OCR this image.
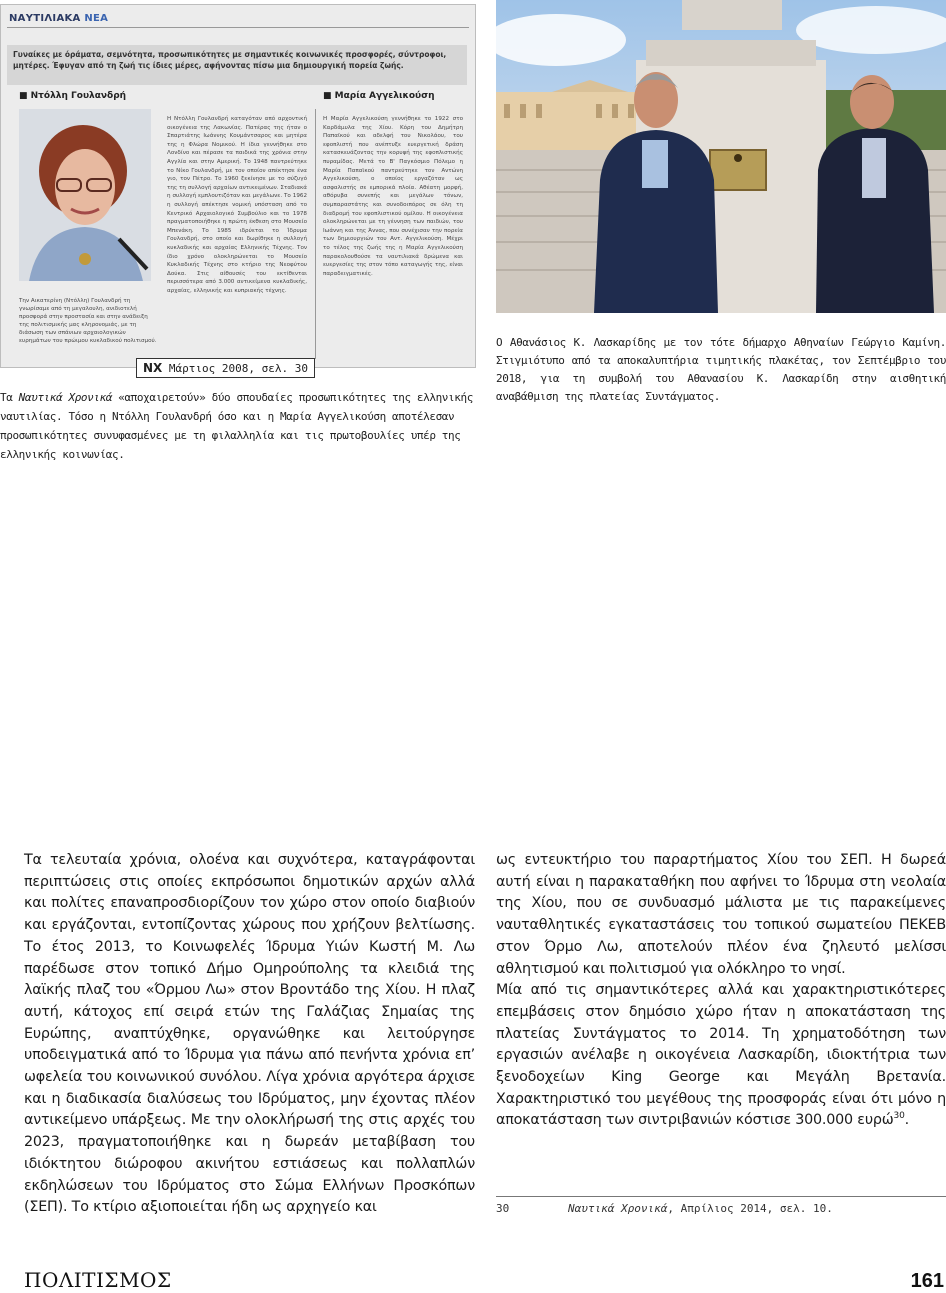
ΝΑΥΤΙΛΙΑΚΑ ΝΕΑ
Γυναίκες με όράματα, σεμνότητα, προσωπικότητες με σημαντικές κοινωνικές προσφορές, σύντροφοι, μητέρες. Έφυγαν από τη ζωή τις ίδιες μέρες, αφήνοντας πίσω μια δημιουργική πορεία ζωής.
■ Ντόλλη Γουλανδρή	■ Μαρία Αγγελικούση
Την Αικατερίνη (Ντόλλη) Γουλανδρή τη γνωρίσαμε από τη μεγαλουλη, ανιδιοτελή προσφορά στην προστασία και στην ανάδειξη της πολιτισμικής μας κληρονομιάς, με τη διάσωση των σπάνιων αρχαιολογικών ευρημάτων του πρώιμου κυκλαδικού πολιτισμού.
Η Ντόλλη Γουλανδρή καταγόταν από αρχοντική οικογένεια της Λακωνίας. Πατέρας της ήταν ο Σπαρτιάτης Ιωάννης Κουμάντσαρος και μητέρα της η Φλώρα Νομικού. Η ίδια γεννήθηκε στο Λονδίνο και πέρασε τα παιδικά της χρόνια στην Αγγλία και στην Αμερική. Το 1948 παντρεύτηκε το Νίκο Γουλανδρή, με τον οποίον απέκτησε ένα γιο, τον Πέτρο. Το 1960 ξεκίνησε με το σύζυγό της τη συλλογή αρχαίων αντικειμένων. Σταδιακά η συλλογή εμπλουτιζόταν και μεγάλωνε. Το 1962 η συλλογή απέκτησε νομική υπόσταση από το Κεντρικό Αρχαιολογικό Συμβούλιο και το 1978 πραγματοποιήθηκε η πρώτη έκθεση στο Μουσείο Μπενάκη. Το 1985 ιδρύεται το Ίδρυμα Γουλανδρή, στο οποίο και δωρίθηκε η συλλογή κυκλαδικής και αρχαίας Ελληνικής Τέχνης. Τον ίδιο χρόνο ολοκληρώνεται το Μουσείο Κυκλαδικής Τέχνης στο κτήριο της Νεοφύτου Δούκα. Στις αίθουσές του εκτίθενται περισσότερα από 3.000 αντικείμενα κυκλαδικής, αρχαίας, ελληνικής και κυπριακής τέχνης.
Η Μαρία Αγγελικούση γεννήθηκε το 1922 στο Καρδάμυλα της Χίου. Κόρη του Δημήτρη Παπαϊκού και αδελφή του Νικολάου, του εφοπλιστή που ανέπτυξε ευεργετική δράση κατασκευάζοντας την κορυφή της εφοπλιστικής πυραμίδας. Μετά το Β' Παγκόσμιο Πόλεμο η Μαρία Παπαϊκού παντρεύτηκε τον Αντώνη Αγγελικούση, ο οποίος εργαζόταν ως ασφαλιστής σε εμπορικά πλοία. Αθέατη μορφή, αθόρυβα συνεπής και μεγάλων τόνων, συμπαραστάτης και συνοδοιπόρος σε όλη τη διαδρομή του εφοπλιστικού ομίλου. Η οικογένεια ολοκληρώνεται με τη γέννηση των παιδιών, του Ιωάννη και της Άννας, που συνέχισαν την πορεία των δημιουργιών του Αντ. Αγγελικούση. Μέχρι το τέλος της ζωής της η Μαρία Αγγελικούση παρακολουθούσε τα ναυτιλιακά δρώμενα και ευεργεσίες της στον τόπο καταγωγής της, είναι παραδειγματικές.
NX Μάρτιος 2008, σελ. 30
Τα Ναυτικά Χρονικά «αποχαιρετούν» δύο σπουδαίες προσωπικότητες της ελληνικής ναυτιλίας. Τόσο η Ντόλλη Γουλανδρή όσο και η Μαρία Αγγελικούση αποτέλεσαν προσωπικότητες συνυφασμένες με τη φιλαλληλία και τις πρωτοβουλίες υπέρ της ελληνικής κοινωνίας.
Ο Αθανάσιος Κ. Λασκαρίδης με τον τότε δήμαρχο Αθηναίων Γεώργιο Καμίνη. Στιγμιότυπο από τα αποκαλυπτήρια τιμητικής πλακέτας, τον Σεπτέμβριο του 2018, για τη συμβολή του Αθανασίου Κ. Λασκαρίδη στην αισθητική αναβάθμιση της πλατείας Συντάγματος.

Τα τελευταία χρόνια, ολοένα και συχνότερα, καταγράφονται περιπτώσεις στις οποίες εκπρόσωποι δημοτικών αρχών αλλά και πολίτες επαναπροσδιορίζουν τον χώρο στον οποίο διαβιούν και εργάζονται, εντοπίζοντας χώρους που χρήζουν βελτίωσης. Το έτος 2013, το Κοινωφελές Ίδρυμα Υιών Κωστή Μ. Λω παρέδωσε στον τοπικό Δήμο Ομηρούπολης τα κλειδιά της λαϊκής πλαζ του «Όρμου Λω» στον Βροντάδο της Χίου. Η πλαζ αυτή, κάτοχος επί σειρά ετών της Γαλάζιας Σημαίας της Ευρώπης, αναπτύχθηκε, οργανώθηκε και λειτούργησε υποδειγματικά από το Ίδρυμα για πάνω από πενήντα χρόνια επ’ ωφελεία του κοινωνικού συνόλου. Λίγα χρόνια αργότερα άρχισε και η διαδικασία διαλύσεως του Ιδρύματος, μην έχοντας πλέον αντικείμενο υπάρξεως. Με την ολοκλήρωσή της στις αρχές του 2023, πραγματοποιήθηκε και η δωρεάν μεταβίβαση του ιδιόκτητου διώροφου ακινήτου εστιάσεως και πολλαπλών εκδηλώσεων του Ιδρύματος στο Σώμα Ελλήνων Προσκόπων (ΣΕΠ). Το κτίριο αξιοποιείται ήδη ως αρχηγείο και

ως εντευκτήριο του παραρτήματος Χίου του ΣΕΠ. Η δωρεά αυτή είναι η παρακαταθήκη που αφήνει το Ίδρυμα στη νεολαία της Χίου, που σε συνδυασμό μάλιστα με τις παρακείμενες ναυταθλητικές εγκαταστάσεις του τοπικού σωματείου ΠΕΚΕΒ στον Όρμο Λω, αποτελούν πλέον ένα ζηλευτό μελίσσι αθλητισμού και πολιτισμού για ολόκληρο το νησί.

Μία από τις σημαντικότερες αλλά και χαρακτηριστικότερες επεμβάσεις στον δημόσιο χώρο ήταν η αποκατάσταση της πλατείας Συντάγματος το 2014. Τη χρηματοδότηση των εργασιών ανέλαβε η οικογένεια Λασκαρίδη, ιδιοκτήτρια των ξενοδοχείων King George και Μεγάλη Βρετανία. Χαρακτηριστικό του μεγέθους της προσφοράς είναι ότι μόνο η αποκατάσταση των σιντριβανιών κόστισε 300.000 ευρώ$^{30}$.

30	Ναυτικά Χρονικά, Απρίλιος 2014, σελ. 10.
ΠΟΛΙΤΙΣΜΟΣ	161
